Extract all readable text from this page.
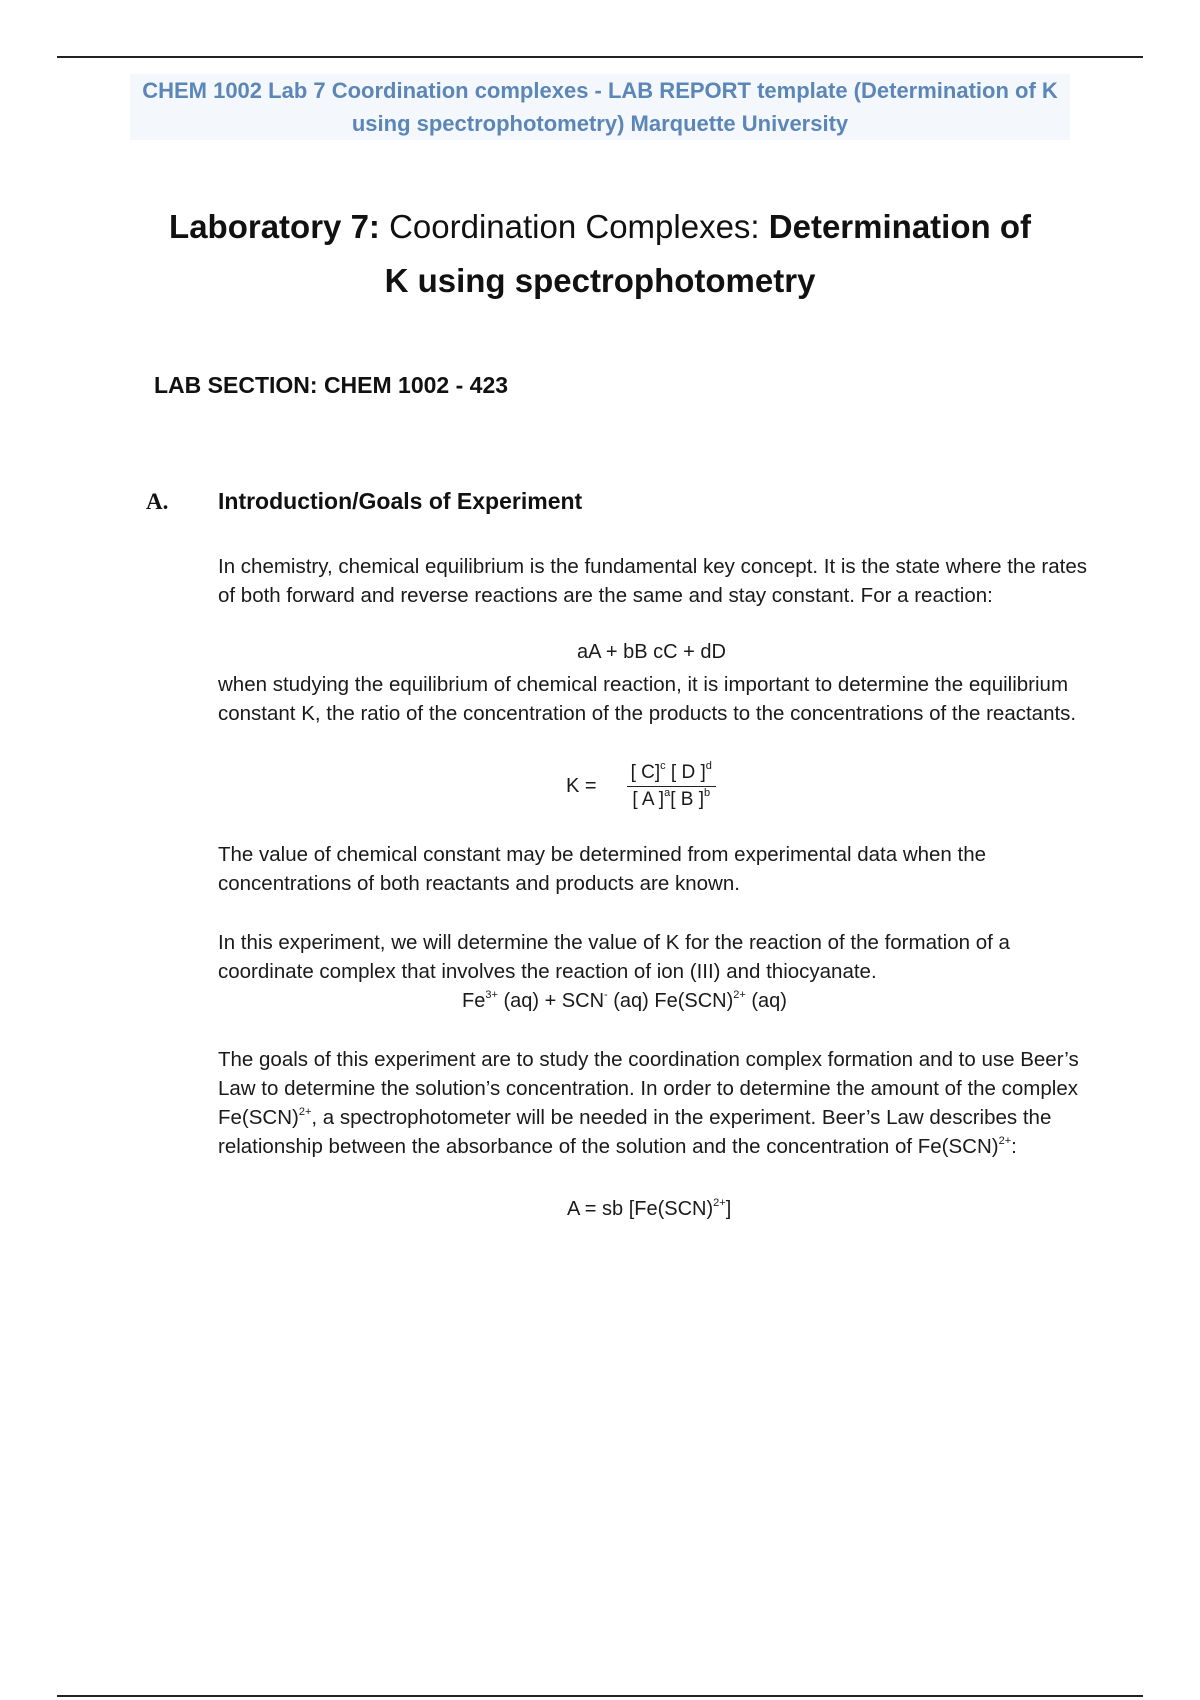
CHEM 1002 Lab 7 Coordination complexes - LAB REPORT template (Determination of K
using spectrophotometry) Marquette University
Laboratory 7: Coordination Complexes: Determination of
K using spectrophotometry
LAB SECTION: CHEM 1002 - 423
A. Introduction/Goals of Experiment
In chemistry, chemical equilibrium is the fundamental key concept. It is the state where the rates of both forward and reverse reactions are the same and stay constant. For a reaction:
aA + bB cC + dD
when studying the equilibrium of chemical reaction, it is important to determine the equilibrium constant K, the ratio of the concentration of the products to the concentrations of the reactants.
$K = \frac{[ C]^c [ D ]^d}{[ A ]^a[ B ]^b}$
The value of chemical constant may be determined from experimental data when the concentrations of both reactants and products are known.
In this experiment, we will determine the value of K for the reaction of the formation of a coordinate complex that involves the reaction of ion (III) and thiocyanate.
$Fe^{3+}$ (aq) + SCN- (aq) Fe(SCN)$^{2+}$ (aq)
The goals of this experiment are to study the coordination complex formation and to use Beer’s Law to determine the solution’s concentration. In order to determine the amount of the complex Fe(SCN)$^{2+}$, a spectrophotometer will be needed in the experiment. Beer’s Law describes the relationship between the absorbance of the solution and the concentration of Fe(SCN)$^{2+}$:
A = sb [Fe(SCN)$^{2+}$]
